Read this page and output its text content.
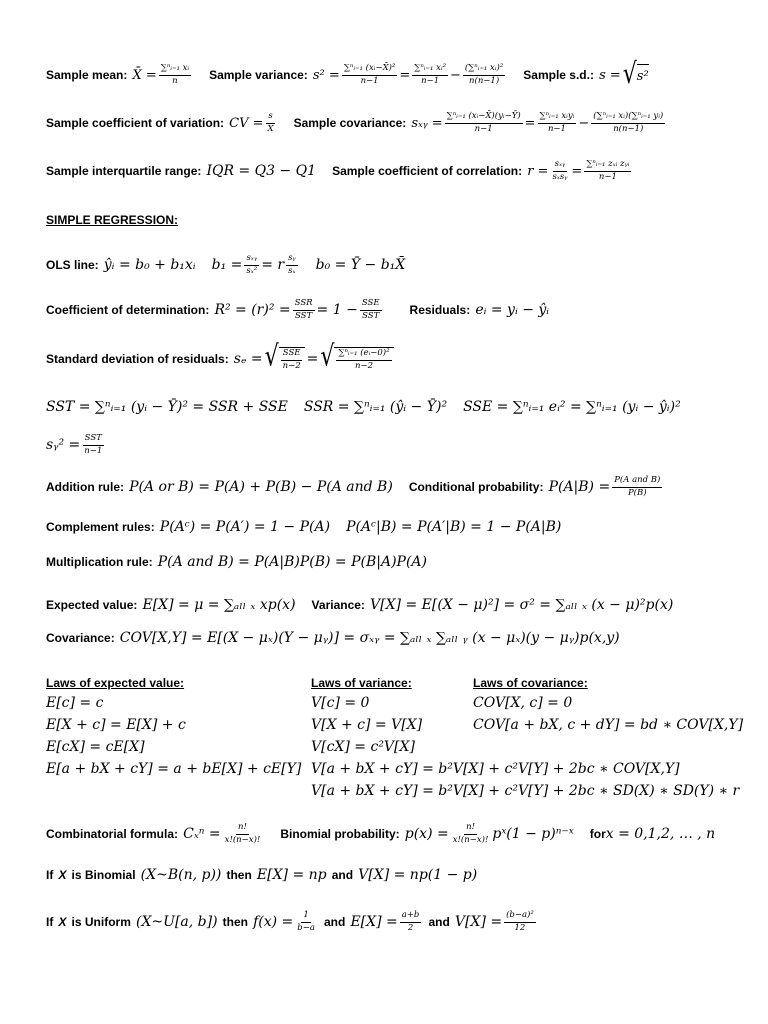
Sample mean:
X̄ = $\frac{\text{∑ⁿᵢ₌₁ xᵢ}}{n}$ Sample variance:
$s^2 = \frac{\text{∑ⁿᵢ₌₁ (xᵢ−X̄)²}}{n-1} = \frac{\text{∑ⁿᵢ₌₁ xᵢ²}}{n-1} - \frac{\text{(∑ⁿᵢ₌₁ xᵢ)²}}{n(n-1)}$ Sample s.d.:
s = √ s²
Sample coefficient of variation:
CV = $\frac{s}{X̄}$ Sample covariance:
sₓᵧ = $\frac{\text{∑ⁿᵢ₌₁ (xᵢ−X̄)(yᵢ−Ȳ)}}{n-1} = \frac{\text{∑ⁿᵢ₌₁ xᵢyᵢ}}{n-1} - \frac{\text{(∑ⁿᵢ₌₁ xᵢ)(∑ⁿᵢ₌₁ yᵢ)}}{n(n-1)}$
Sample interquartile range:
IQR = Q3 − Q1 Sample coefficient of correlation:
$r = \frac{\text{sₓᵧ}}{\text{sₓsᵧ}} = \frac{\text{∑ⁿᵢ₌₁ zₓᵢ zᵧᵢ}}{n-1}$
SIMPLE REGRESSION:
OLS line:
ŷᵢ = b₀ + b₁xᵢ $b_1 = \frac{\text{sₓᵧ}}{\text{sₓ²}} = r \frac{\text{sᵧ}}{\text{sₓ}} b_0$ = Ȳ − b₁X̄
Coefficient of determination:
$R^2 = (r)^2 = \frac{\text{SSR}}{\text{SST}} = 1 - \frac{\text{SSE}}{\text{SST}}$ Residuals:
eᵢ = yᵢ − ŷᵢ
Standard deviation of residuals:
sₑ = √ $\frac{\text{SSE}}{n-2}$ = √ $\frac{\text{∑ⁿᵢ₌₁ (eᵢ−0)²}}{n-2}$
SST = ∑ⁿᵢ₌₁ (yᵢ − Ȳ)² = SSR + SSE SSR = ∑ⁿᵢ₌₁ (ŷᵢ − Ȳ)² SSE = ∑ⁿᵢ₌₁ eᵢ² = ∑ⁿᵢ₌₁ (yᵢ − ŷᵢ)²
sᵧ² = $\frac{\text{SST}}{n-1}$
Addition rule:
P(A or B) = P(A) + P(B) − P(A and B) Conditional probability:
$P(A|B) = \frac{\text{P(A and B)}}{P(B)}$
Complement rules:
P(Aᶜ) = P(A′) = 1 − P(A) P(Aᶜ|B) = P(A′|B) = 1 − P(A|B)
Multiplication rule:
P(A and B) = P(A|B)P(B) = P(B|A)P(A)
Expected value:
E[X] = μ = ∑ₐₗₗ ₓ xp(x) Variance:
V[X] = E[(X − μ)²] = σ² = ∑ₐₗₗ ₓ (x − μ)²p(x)
Covariance:
COV[X,Y] = E[(X − μₓ)(Y − μᵧ)] = σₓᵧ = ∑ₐₗₗ ₓ ∑ₐₗₗ ᵧ (x − μₓ)(y − μᵧ)p(x,y)
Laws of expected value:
E[c] = c
E[X + c] = E[X] + c
E[cX] = cE[X]
E[a + bX + cY] = a + bE[X] + cE[Y]
Laws of variance:
V[c] = 0
V[X + c] = V[X]
V[cX] = c²V[X]
V[a + bX + cY] = b²V[X] + c²V[Y] + 2bc ∗ COV[X,Y]
V[a + bX + cY] = b²V[X] + c²V[Y] + 2bc ∗ SD(X) ∗ SD(Y) ∗ r
Laws of covariance:
COV[X, c] = 0
COV[a + bX, c + dY] = bd ∗ COV[X,Y]
Combinatorial formula:
$C_x^n = \frac{n!}{x!(n-x)!}$ Binomial probability:
$p(x) = \frac{n!}{x!(n-x)!}$ pˣ(1 − p)ⁿ⁻ˣ for x = 0,1,2, … , n
If
X
is Binomial
(X~B(n, p))
then
E[X] = np
and
V[X] = np(1 − p)
If
X
is Uniform
(X~U[a, b])
then
$f(x) = \frac{1}{b-a}$
and
$E[X] = \frac{a+b}{2}$
and
$V[X] = \frac{\text{(b−a)²}}{12}$
